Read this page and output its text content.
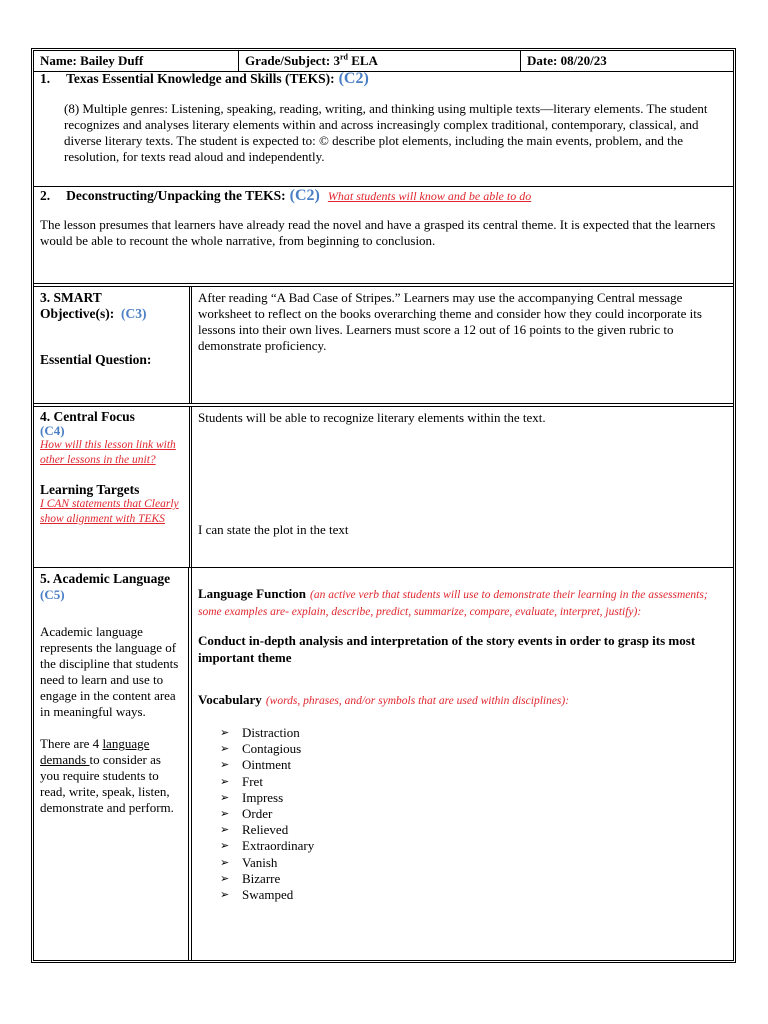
Name: Bailey Duff	Grade/Subject: 3rd ELA	Date: 08/20/23
1. Texas Essential Knowledge and Skills (TEKS): (C2)
(8) Multiple genres: Listening, speaking, reading, writing, and thinking using multiple texts—literary elements. The student recognizes and analyses literary elements within and across increasingly complex traditional, contemporary, classical, and diverse literary texts. The student is expected to: © describe plot elements, including the main events, problem, and the resolution, for texts read aloud and independently.
2. Deconstructing/Unpacking the TEKS: (C2) What students will know and be able to do
The lesson presumes that learners have already read the novel and have a grasped its central theme. It is expected that the learners would be able to recount the whole narrative, from beginning to conclusion.
3. SMART Objective(s): (C3)
Essential Question:
After reading “A Bad Case of Stripes.” Learners may use the accompanying Central message worksheet to reflect on the books overarching theme and consider how they could incorporate its lessons into their own lives. Learners must score a 12 out of 16 points to the given rubric to demonstrate proficiency.
4. Central Focus
(C4)
How will this lesson link with other lessons in the unit?
Learning Targets
I CAN statements that Clearly show alignment with TEKS
Students will be able to recognize literary elements within the text.
I can state the plot in the text
5. Academic Language
(C5)
Academic language represents the language of the discipline that students need to learn and use to engage in the content area in meaningful ways.
There are 4 language demands to consider as you require students to read, write, speak, listen, demonstrate and perform.
Language Function (an active verb that students will use to demonstrate their learning in the assessments; some examples are- explain, describe, predict, summarize, compare, evaluate, interpret, justify):
Conduct in-depth analysis and interpretation of the story events in order to grasp its most important theme
Vocabulary (words, phrases, and/or symbols that are used within disciplines):
➢ Distraction
➢ Contagious
➢ Ointment
➢ Fret
➢ Impress
➢ Order
➢ Relieved
➢ Extraordinary
➢ Vanish
➢ Bizarre
➢ Swamped
